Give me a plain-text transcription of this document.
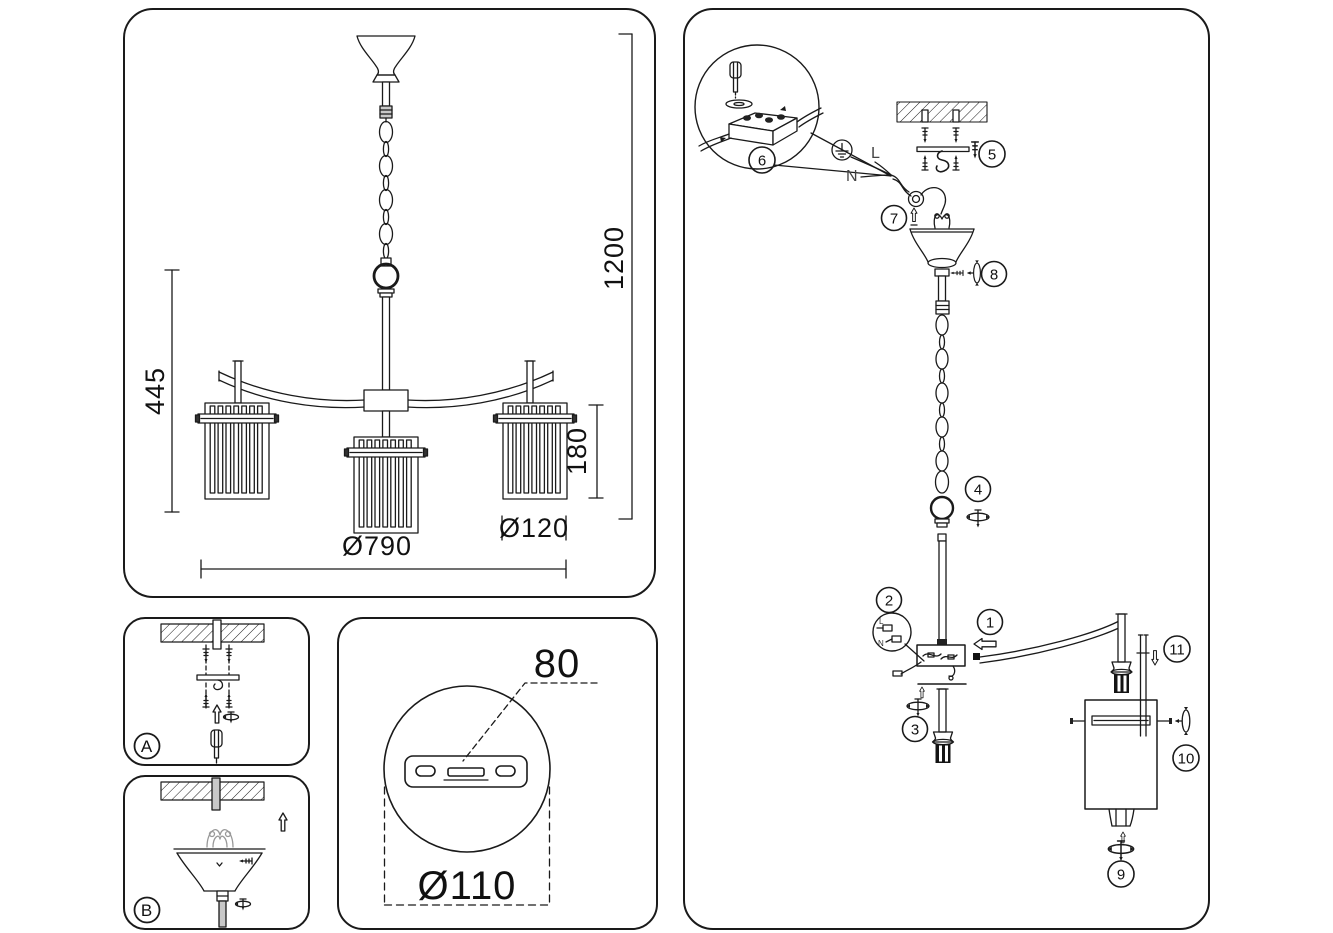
1200
445
180
Ø120
Ø790
A
B
80
Ø110
6	L
N
5
7
8
4
L
N
2
1
3
11
10
9
